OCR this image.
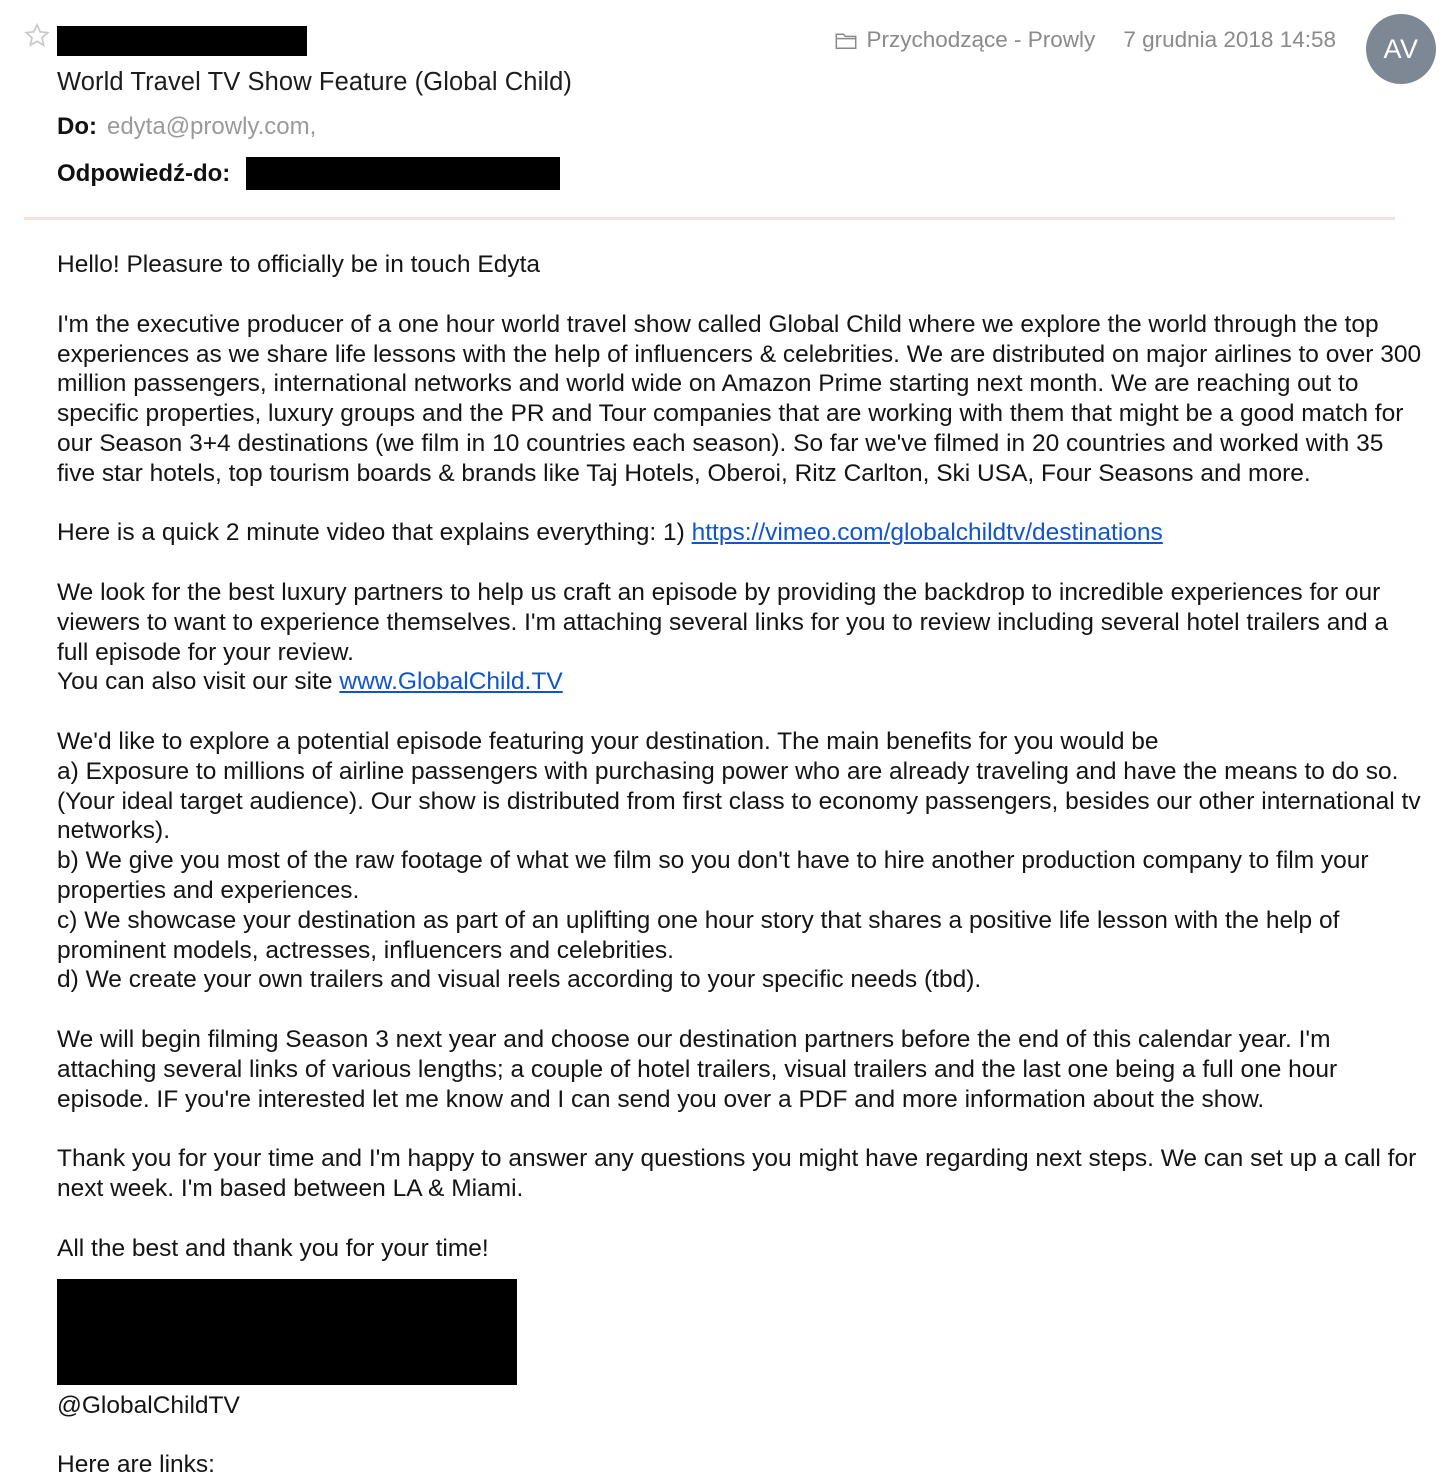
Przychodzące - Prowly 7 grudnia 2018 14:58 AV
World Travel TV Show Feature (Global Child)
Do: edyta@prowly.com,
Odpowiedź-do:

Hello! Pleasure to officially be in touch Edyta

I'm the executive producer of a one hour world travel show called Global Child where we explore the world through the top experiences as we share life lessons with the help of influencers & celebrities. We are distributed on major airlines to over 300 million passengers, international networks and world wide on Amazon Prime starting next month. We are reaching out to specific properties, luxury groups and the PR and Tour companies that are working with them that might be a good match for our Season 3+4 destinations (we film in 10 countries each season). So far we've filmed in 20 countries and worked with 35 five star hotels, top tourism boards & brands like Taj Hotels, Oberoi, Ritz Carlton, Ski USA, Four Seasons and more.

Here is a quick 2 minute video that explains everything: 1) https://vimeo.com/globalchildtv/destinations

We look for the best luxury partners to help us craft an episode by providing the backdrop to incredible experiences for our viewers to want to experience themselves. I'm attaching several links for you to review including several hotel trailers and a full episode for your review.

You can also visit our site www.GlobalChild.TV

We'd like to explore a potential episode featuring your destination. The main benefits for you would be

a) Exposure to millions of airline passengers with purchasing power who are already traveling and have the means to do so. (Your ideal target audience). Our show is distributed from first class to economy passengers, besides our other international tv networks).

b) We give you most of the raw footage of what we film so you don't have to hire another production company to film your properties and experiences.

c) We showcase your destination as part of an uplifting one hour story that shares a positive life lesson with the help of prominent models, actresses, influencers and celebrities.

d) We create your own trailers and visual reels according to your specific needs (tbd).

We will begin filming Season 3 next year and choose our destination partners before the end of this calendar year. I'm attaching several links of various lengths; a couple of hotel trailers, visual trailers and the last one being a full one hour episode. IF you're interested let me know and I can send you over a PDF and more information about the show.

Thank you for your time and I'm happy to answer any questions you might have regarding next steps. We can set up a call for next week. I'm based between LA & Miami.

All the best and thank you for your time!

@GlobalChildTV

Here are links:
